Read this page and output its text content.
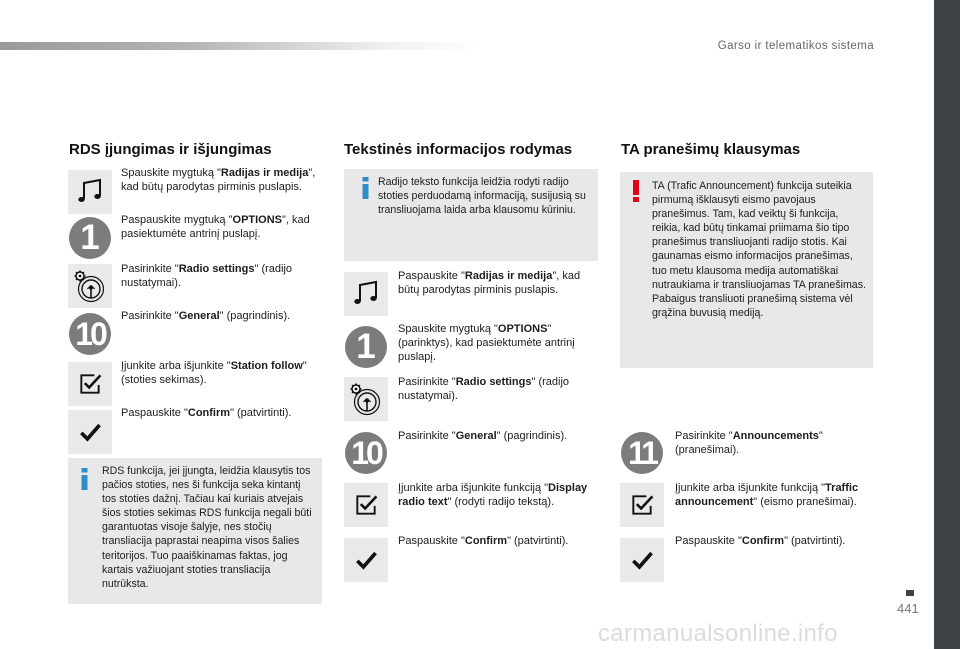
Garso ir telematikos sistema
RDS įjungimas ir išjungimas
Spauskite mygtuką "Radijas ir medija", kad būtų parodytas pirminis puslapis.
1	Paspauskite mygtuką "OPTIONS", kad pasiektumėte antrinį puslapį.
Pasirinkite "Radio settings" (radijo nustatymai).
10	Pasirinkite "General" (pagrindinis).
Įjunkite arba išjunkite "Station follow" (stoties sekimas).
Paspauskite "Confirm" (patvirtinti).
RDS funkcija, jei įjungta, leidžia klausytis tos pačios stoties, nes ši funkcija seka kintantį tos stoties dažnį. Tačiau kai kuriais atvejais šios stoties sekimas RDS funkcija negali būti garantuotas visoje šalyje, nes stočių transliacija paprastai neapima visos šalies teritorijos. Tuo paaiškinamas faktas, jog kartais važiuojant stoties transliacija nutrūksta.
Tekstinės informacijos rodymas
Radijo teksto funkcija leidžia rodyti radijo stoties perduodamą informaciją, susijusią su transliuojama laida arba klausomu kūriniu.
Paspauskite "Radijas ir medija", kad būtų parodytas pirminis puslapis.
1	Spauskite mygtuką "OPTIONS" (parinktys), kad pasiektumėte antrinį puslapį.
Pasirinkite "Radio settings" (radijo nustatymai).
10	Pasirinkite "General" (pagrindinis).
Įjunkite arba išjunkite funkciją "Display radio text" (rodyti radijo tekstą).
Paspauskite "Confirm" (patvirtinti).
TA pranešimų klausymas
TA (Trafic Announcement) funkcija suteikia pirmumą išklausyti eismo pavojaus pranešimus. Tam, kad veiktų ši funkcija, reikia, kad būtų tinkamai priimama šio tipo pranešimus transliuojanti radijo stotis. Kai gaunamas eismo informacijos pranešimas, tuo metu klausoma medija automatiškai nutraukiama ir transliuojamas TA pranešimas. Pabaigus transliuoti pranešimą sistema vėl grąžina buvusią mediją.
11	Pasirinkite "Announcements" (pranešimai).
Įjunkite arba išjunkite funkciją "Traffic announcement" (eismo pranešimai).
Paspauskite "Confirm" (patvirtinti).
441
carmanualsonline.info
